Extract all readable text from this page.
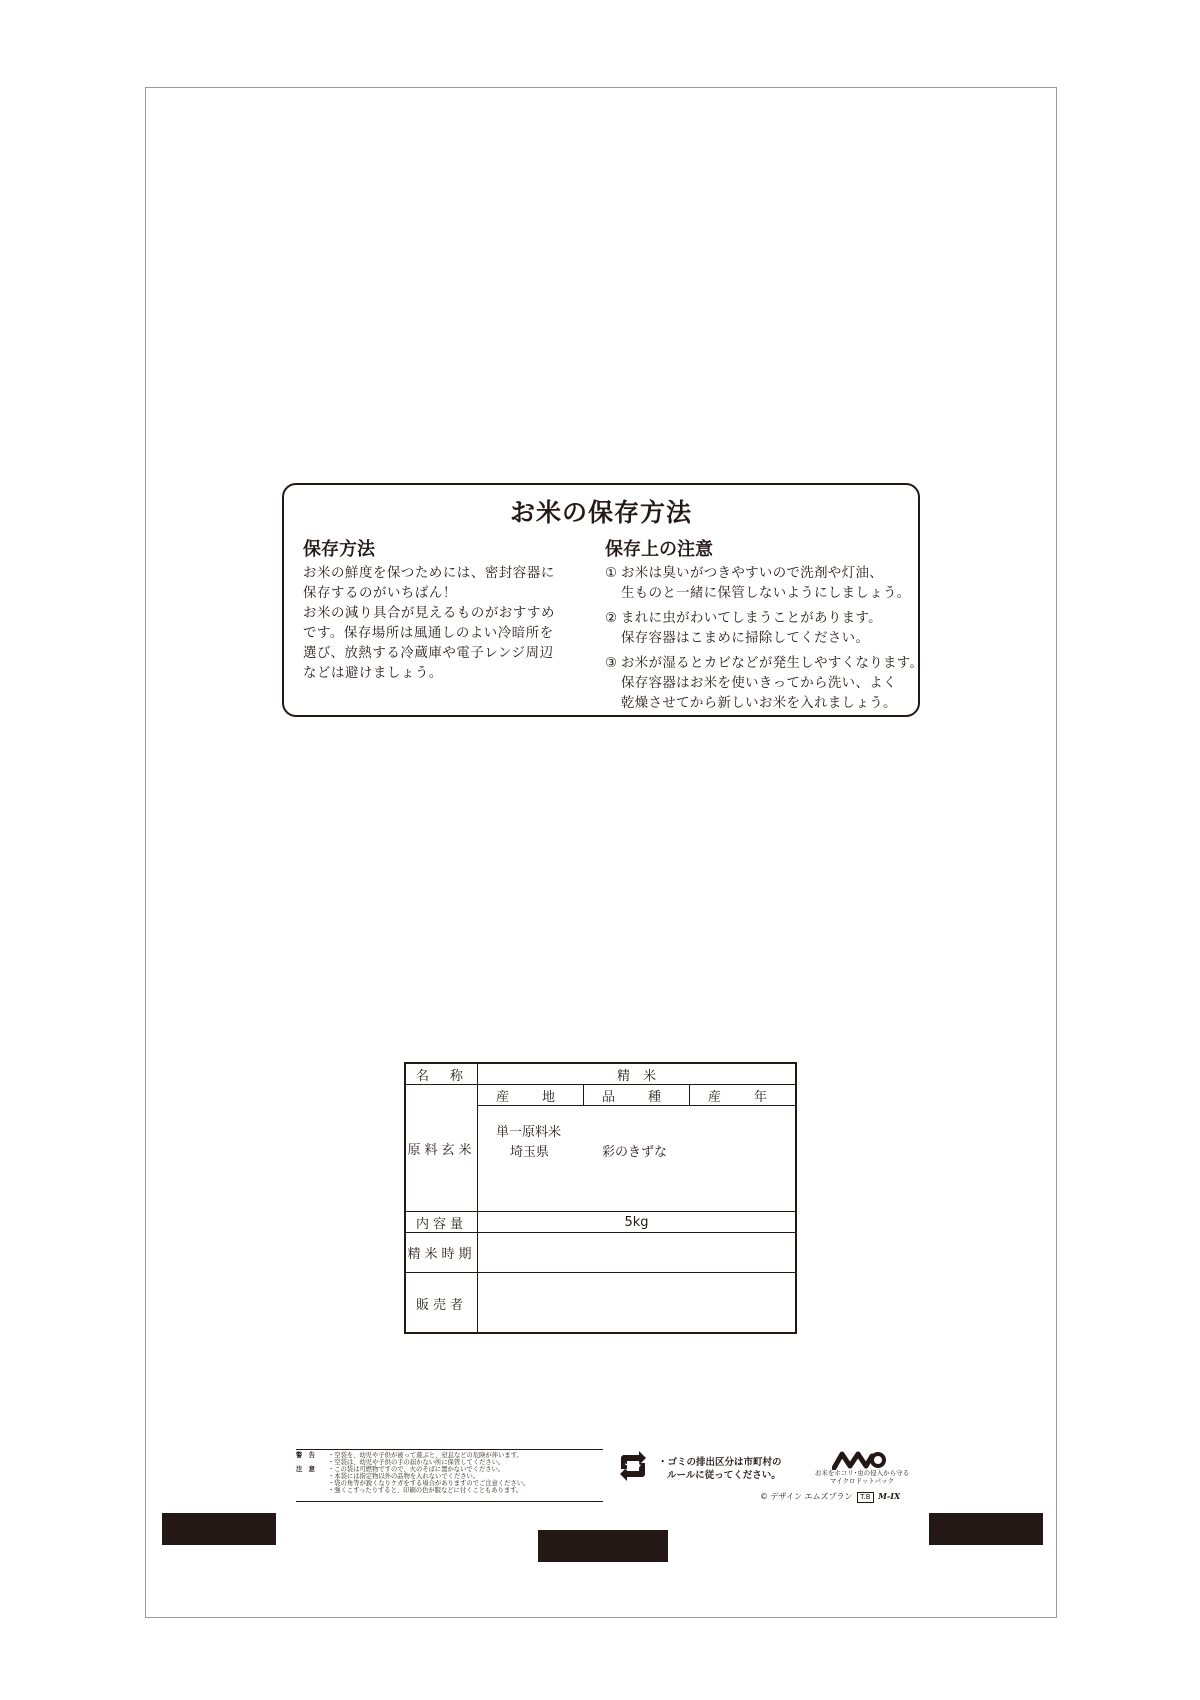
お米の保存方法
保存方法	保存上の注意
お米の鮮度を保つためには、密封容器に
保存するのがいちばん！
お米の減り具合が見えるものがおすすめ
です。保存場所は風通しのよい冷暗所を
選び、放熱する冷蔵庫や電子レンジ周辺
などは避けましょう。
① お米は臭いがつきやすいので洗剤や灯油、
生ものと一緒に保管しないようにしましょう。
② まれに虫がわいてしまうことがあります。
保存容器はこまめに掃除してください。
③ お米が湿るとカビなどが発生しやすくなります。
保存容器はお米を使いきってから洗い、よく
乾燥させてから新しいお米を入れましょう。
名　称	精　米
原料玄米
産　地	品　種	産　年
単一原料米
埼玉県	彩のきずな
内容量	5kg
精米時期
販売者
警　告
注　意
・空袋を、幼児や子供が被って遊ぶと、窒息などの危険が伴います。
・空袋は、幼児や子供の手の届かない所に保管してください。
・この袋は可燃物ですので、火のそばに置かないでください。
・本袋には指定物以外の品物を入れないでください。
・袋の角等が鋭くなりケガをする場合がありますのでご注意ください。
・強くこすったりすると、印刷の色が服などに付くこともあります。
プラ ・ゴミの排出区分は市町村の
ルールに従ってください。	お米をホコリ･虫の侵入から守る
マイクロドットパック
© デザイン エムズプラン T.B M-IX
